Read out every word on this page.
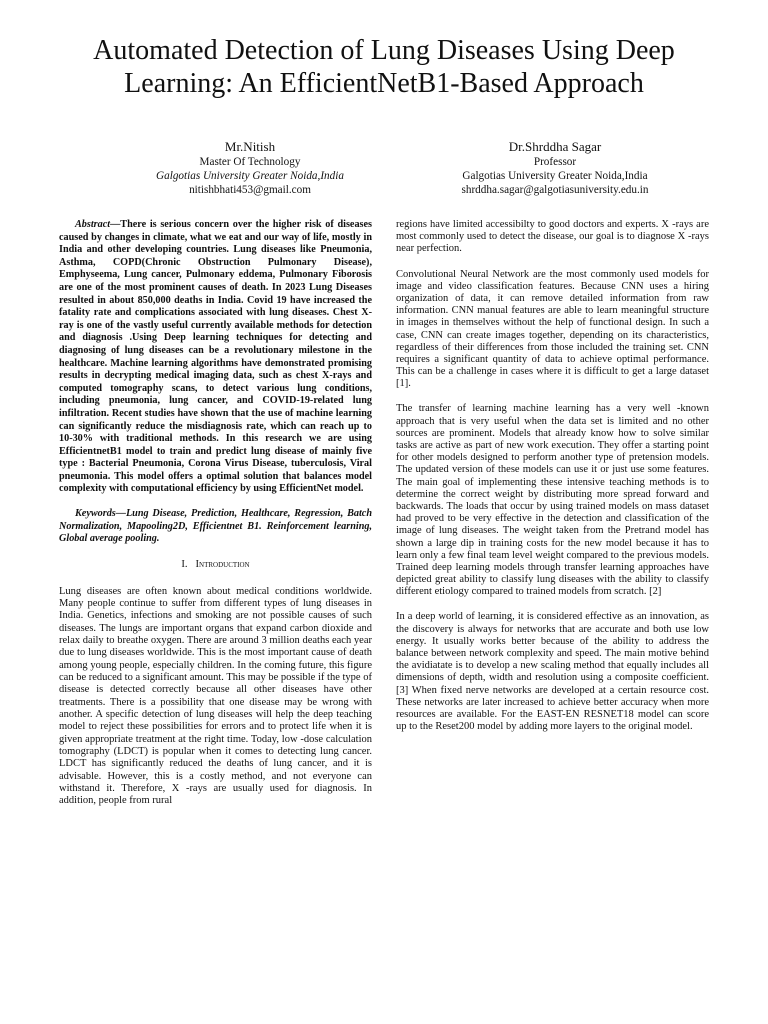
Automated Detection of Lung Diseases Using Deep Learning: An EfficientNetB1-Based Approach
Mr.Nitish
Master Of Technology
Galgotias University Greater Noida,India
nitishbhati453@gmail.com
Dr.Shrddha Sagar
Professor
Galgotias University Greater Noida,India
shrddha.sagar@galgotiasuniversity.edu.in

Abstract—There is serious concern over the higher risk of diseases caused by changes in climate, what we eat and our way of life, mostly in India and other developing countries. Lung diseases like Pneumonia, Asthma, COPD(Chronic Obstruction Pulmonary Disease), Emphyseema, Lung cancer, Pulmonary eddema, Pulmonary Fiborosis are one of the most prominent causes of death. In 2023 Lung Diseases resulted in about 850,000 deaths in India. Covid 19 have increased the fatality rate and complications associated with lung diseases. Chest X-ray is one of the vastly useful currently available methods for detection and diagnosis .Using Deep learning techniques for detecting and diagnosing of lung diseases can be a revolutionary milestone in the healthcare. Machine learning algorithms have demonstrated promising results in decrypting medical imaging data, such as chest X-rays and computed tomography scans, to detect various lung conditions, including pneumonia, lung cancer, and COVID-19-related lung infiltration. Recent studies have shown that the use of machine learning can significantly reduce the misdiagnosis rate, which can reach up to 10-30% with traditional methods. In this research we are using EfficientnetB1 model to train and predict lung disease of mainly five type : Bacterial Pneumonia, Corona Virus Disease, tuberculosis, Viral pneumonia. This model offers a optimal solution that balances model complexity with computational efficiency by using EfficientNet model.

Keywords—Lung Disease, Prediction, Healthcare, Regression, Batch Normalization, Mapooling2D, Efficientnet B1. Reinforcement learning, Global average pooling.

I. Introduction

Lung diseases are often known about medical conditions worldwide. Many people continue to suffer from different types of lung diseases in India. Genetics, infections and smoking are not possible causes of such diseases. The lungs are important organs that expand carbon dioxide and relax daily to breathe oxygen. There are around 3 million deaths each year due to lung diseases worldwide. This is the most important cause of death among young people, especially children. In the coming future, this figure can be reduced to a significant amount. This may be possible if the type of disease is detected correctly because all other diseases have other treatments. There is a possibility that one disease may be wrong with another. A specific detection of lung diseases will help the deep teaching model to reject these possibilities for errors and to protect life when it is given appropriate treatment at the right time. Today, low -dose calculation tomography (LDCT) is popular when it comes to detecting lung cancer. LDCT has significantly reduced the deaths of lung cancer, and it is advisable. However, this is a costly method, and not everyone can withstand it. Therefore, X -rays are usually used for diagnosis. In addition, people from rural

regions have limited accessibilty to good doctors and experts. X -rays are most commonly used to detect the disease, our goal is to diagnose X -rays near perfection.

Convolutional Neural Network are the most commonly used models for image and video classification features. Because CNN uses a hiring organization of data, it can remove detailed information from raw information. CNN manual features are able to learn meaningful structure in images in themselves without the help of functional design. In such a case, CNN can create images together, depending on its characteristics, regardless of their differences from those included the training set. CNN requires a significant quantity of data to achieve optimal performance. This can be a challenge in cases where it is difficult to get a large dataset [1].

The transfer of learning machine learning has a very well -known approach that is very useful when the data set is limited and no other sources are prominent. Models that already know how to solve similar tasks are active as part of new work execution. They offer a starting point for other models designed to perform another type of pretension models. The updated version of these models can use it or just use some features. The main goal of implementing these intensive teaching methods is to determine the correct weight by distributing more spread forward and backwards. The loads that occur by using trained models on mass dataset had proved to be very effective in the detection and classification of the image of lung diseases. The weight taken from the Pretrand model has shown a large dip in training costs for the new model because it has to learn only a few final team level weight compared to the previous models. Trained deep learning models through transfer learning approaches have depicted great ability to classify lung diseases with the ability to classify different etiology compared to trained models from scratch. [2]

In a deep world of learning, it is considered effective as an innovation, as the discovery is always for networks that are accurate and both use low energy. It usually works better because of the ability to address the balance between network complexity and speed. The main motive behind the avidiatate is to develop a new scaling method that equally includes all dimensions of depth, width and resolution using a composite coefficient. [3] When fixed nerve networks are developed at a certain resource cost. These networks are later increased to achieve better accuracy when more resources are available. For the EAST-EN RESNET18 model can score up to the Reset200 model by adding more layers to the original model.
